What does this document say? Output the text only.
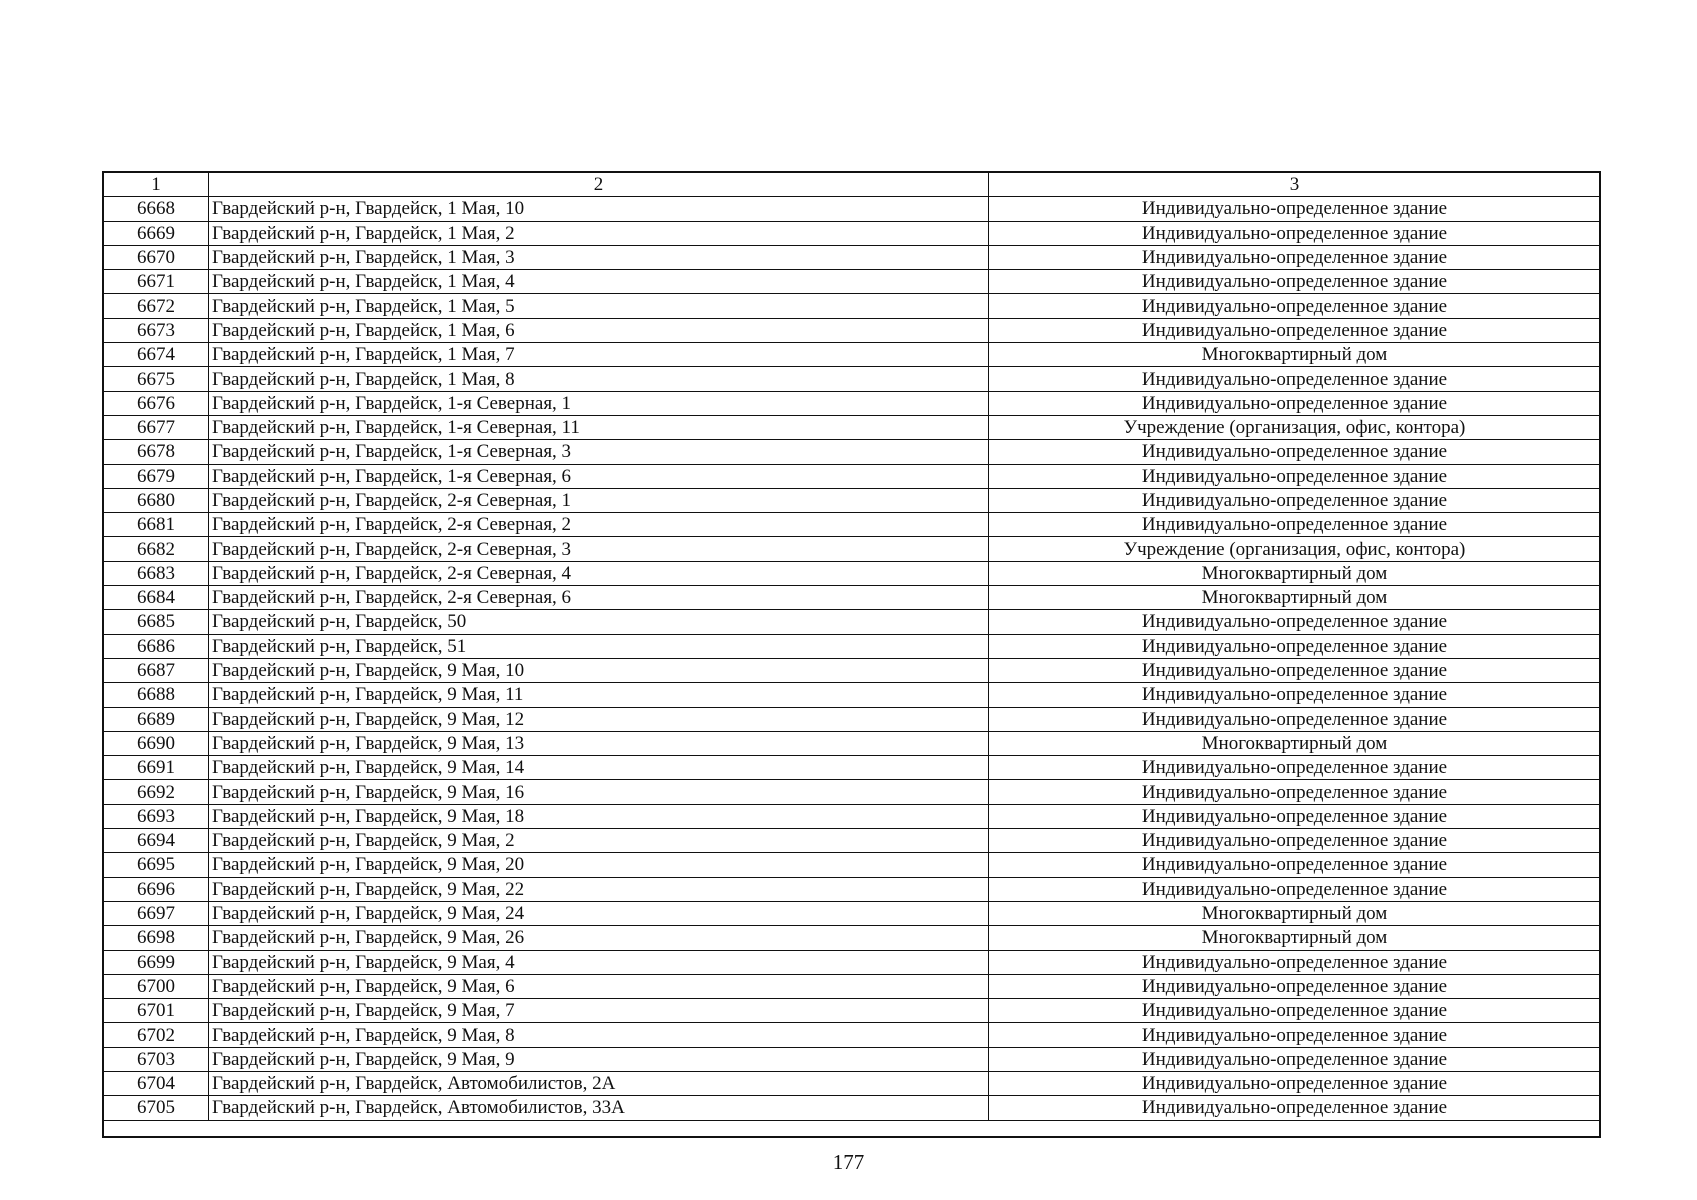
1	2	3
6668	Гвардейский р-н, Гвардейск, 1 Мая, 10	Индивидуально-определенное здание
6669	Гвардейский р-н, Гвардейск, 1 Мая, 2	Индивидуально-определенное здание
6670	Гвардейский р-н, Гвардейск, 1 Мая, 3	Индивидуально-определенное здание
6671	Гвардейский р-н, Гвардейск, 1 Мая, 4	Индивидуально-определенное здание
6672	Гвардейский р-н, Гвардейск, 1 Мая, 5	Индивидуально-определенное здание
6673	Гвардейский р-н, Гвардейск, 1 Мая, 6	Индивидуально-определенное здание
6674	Гвардейский р-н, Гвардейск, 1 Мая, 7	Многоквартирный дом
6675	Гвардейский р-н, Гвардейск, 1 Мая, 8	Индивидуально-определенное здание
6676	Гвардейский р-н, Гвардейск, 1-я Северная, 1	Индивидуально-определенное здание
6677	Гвардейский р-н, Гвардейск, 1-я Северная, 11	Учреждение (организация, офис, контора)
6678	Гвардейский р-н, Гвардейск, 1-я Северная, 3	Индивидуально-определенное здание
6679	Гвардейский р-н, Гвардейск, 1-я Северная, 6	Индивидуально-определенное здание
6680	Гвардейский р-н, Гвардейск, 2-я Северная, 1	Индивидуально-определенное здание
6681	Гвардейский р-н, Гвардейск, 2-я Северная, 2	Индивидуально-определенное здание
6682	Гвардейский р-н, Гвардейск, 2-я Северная, 3	Учреждение (организация, офис, контора)
6683	Гвардейский р-н, Гвардейск, 2-я Северная, 4	Многоквартирный дом
6684	Гвардейский р-н, Гвардейск, 2-я Северная, 6	Многоквартирный дом
6685	Гвардейский р-н, Гвардейск, 50	Индивидуально-определенное здание
6686	Гвардейский р-н, Гвардейск, 51	Индивидуально-определенное здание
6687	Гвардейский р-н, Гвардейск, 9 Мая, 10	Индивидуально-определенное здание
6688	Гвардейский р-н, Гвардейск, 9 Мая, 11	Индивидуально-определенное здание
6689	Гвардейский р-н, Гвардейск, 9 Мая, 12	Индивидуально-определенное здание
6690	Гвардейский р-н, Гвардейск, 9 Мая, 13	Многоквартирный дом
6691	Гвардейский р-н, Гвардейск, 9 Мая, 14	Индивидуально-определенное здание
6692	Гвардейский р-н, Гвардейск, 9 Мая, 16	Индивидуально-определенное здание
6693	Гвардейский р-н, Гвардейск, 9 Мая, 18	Индивидуально-определенное здание
6694	Гвардейский р-н, Гвардейск, 9 Мая, 2	Индивидуально-определенное здание
6695	Гвардейский р-н, Гвардейск, 9 Мая, 20	Индивидуально-определенное здание
6696	Гвардейский р-н, Гвардейск, 9 Мая, 22	Индивидуально-определенное здание
6697	Гвардейский р-н, Гвардейск, 9 Мая, 24	Многоквартирный дом
6698	Гвардейский р-н, Гвардейск, 9 Мая, 26	Многоквартирный дом
6699	Гвардейский р-н, Гвардейск, 9 Мая, 4	Индивидуально-определенное здание
6700	Гвардейский р-н, Гвардейск, 9 Мая, 6	Индивидуально-определенное здание
6701	Гвардейский р-н, Гвардейск, 9 Мая, 7	Индивидуально-определенное здание
6702	Гвардейский р-н, Гвардейск, 9 Мая, 8	Индивидуально-определенное здание
6703	Гвардейский р-н, Гвардейск, 9 Мая, 9	Индивидуально-определенное здание
6704	Гвардейский р-н, Гвардейск, Автомобилистов, 2А	Индивидуально-определенное здание
6705	Гвардейский р-н, Гвардейск, Автомобилистов, 33А	Индивидуально-определенное здание
177
